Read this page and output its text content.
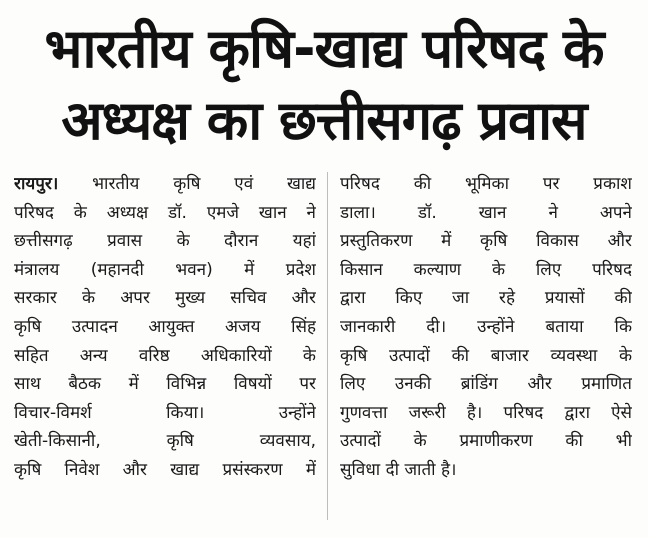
भारतीय कृषि-खाद्य परिषद के
अध्यक्ष का छत्तीसगढ़ प्रवास
रायपुर। भारतीय कृषि एवं खाद्य
परिषद के अध्यक्ष डॉ. एमजे खान ने
छत्तीसगढ़ प्रवास के दौरान यहां
मंत्रालय (महानदी भवन) में प्रदेश
सरकार के अपर मुख्य सचिव और
कृषि उत्पादन आयुक्त अजय सिंह
सहित अन्य वरिष्ठ अधिकारियों के
साथ बैठक में विभिन्न विषयों पर
विचार-विमर्श किया। उन्होंने
खेती-किसानी, कृषि व्यवसाय,
कृषि निवेश और खाद्य प्रसंस्करण में
परिषद की भूमिका पर प्रकाश
डाला। डॉ. खान ने अपने
प्रस्तुतिकरण में कृषि विकास और
किसान कल्याण के लिए परिषद
द्वारा किए जा रहे प्रयासों की
जानकारी दी। उन्होंने बताया कि
कृषि उत्पादों की बाजार व्यवस्था के
लिए उनकी ब्रांडिंग और प्रमाणित
गुणवत्ता जरूरी है। परिषद द्वारा ऐसे
उत्पादों के प्रमाणीकरण की भी
सुविधा दी जाती है।
